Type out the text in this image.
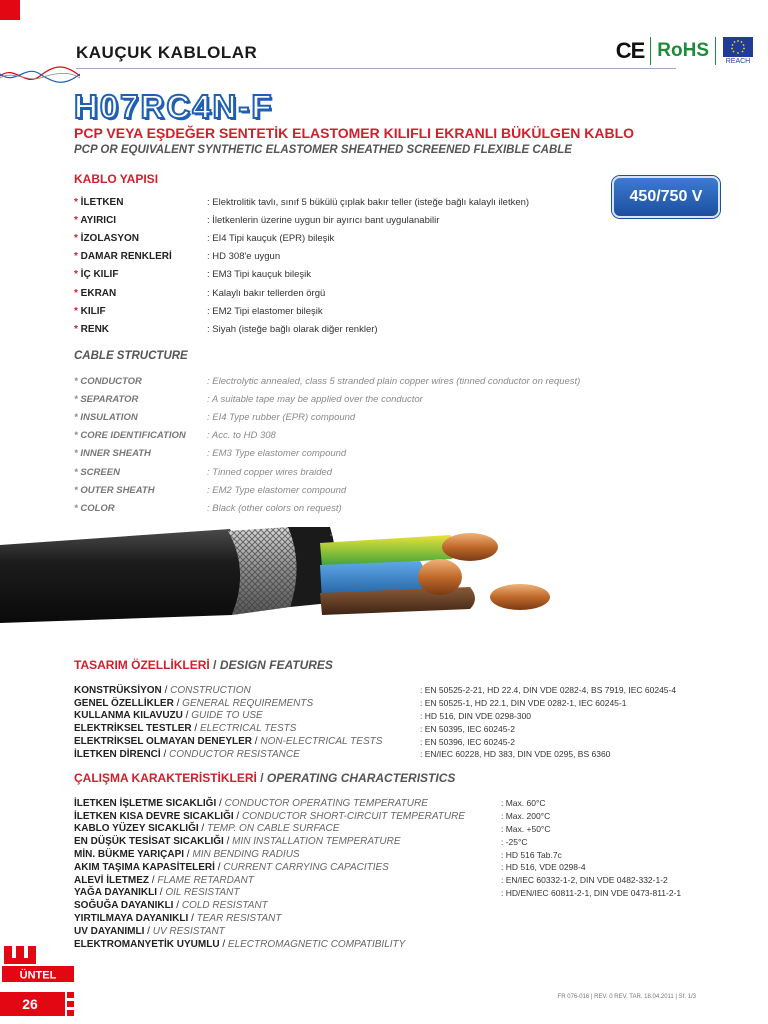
KAUÇUK KABLOLAR	CE RoHS
REACH
H07RC4N-F
PCP VEYA EŞDEĞER SENTETİK ELASTOMER KILIFLI EKRANLI BÜKÜLGEN KABLO
PCP OR EQUIVALENT SYNTHETIC ELASTOMER SHEATHED SCREENED FLEXIBLE CABLE
450/750 V
KABLO YAPISI
* İLETKEN	: Elektrolitik tavlı, sınıf 5 bükülü çıplak bakır teller (isteğe bağlı kalaylı iletken)
* AYIRICI	: İletkenlerin üzerine uygun bir ayırıcı bant uygulanabilir
* İZOLASYON	: EI4 Tipi kauçuk (EPR) bileşik
* DAMAR RENKLERİ	: HD 308'e uygun
* İÇ KILIF	: EM3 Tipi kauçuk bileşik
* EKRAN	: Kalaylı bakır tellerden örgü
* KILIF	: EM2 Tipi elastomer bileşik
* RENK	: Siyah (isteğe bağlı olarak diğer renkler)
CABLE STRUCTURE
* CONDUCTOR	: Electrolytic annealed, class 5 stranded plain copper wires (tinned conductor on request)
* SEPARATOR	: A suitable tape may be applied over the conductor
* INSULATION	: EI4 Type rubber (EPR) compound
* CORE IDENTIFICATION	: Acc. to HD 308
* INNER SHEATH	: EM3 Type elastomer compound
* SCREEN	: Tinned copper wires braided
* OUTER SHEATH	: EM2 Type elastomer compound
* COLOR	: Black (other colors on request)
TASARIM ÖZELLİKLERİ / DESIGN FEATURES
KONSTRÜKSİYON / CONSTRUCTION	: EN 50525-2-21, HD 22.4, DIN VDE 0282-4, BS 7919, IEC 60245-4
GENEL ÖZELLİKLER / GENERAL REQUIREMENTS	: EN 50525-1, HD 22.1, DIN VDE 0282-1, IEC 60245-1
KULLANMA KILAVUZU / GUIDE TO USE	: HD 516, DIN VDE 0298-300
ELEKTRİKSEL TESTLER / ELECTRICAL TESTS	: EN 50395, IEC 60245-2
ELEKTRİKSEL OLMAYAN DENEYLER / NON-ELECTRICAL TESTS	: EN 50396, IEC 60245-2
İLETKEN DİRENCİ / CONDUCTOR RESISTANCE	: EN/IEC 60228, HD 383, DIN VDE 0295, BS 6360
ÇALIŞMA KARAKTERİSTİKLERİ / OPERATING CHARACTERISTICS
İLETKEN İŞLETME SICAKLIĞI / CONDUCTOR OPERATING TEMPERATURE	: Max. 60°C
İLETKEN KISA DEVRE SICAKLIĞI / CONDUCTOR SHORT-CIRCUIT TEMPERATURE	: Max. 200°C
KABLO YÜZEY SICAKLIĞI / TEMP. ON CABLE SURFACE	: Max. +50°C
EN DÜŞÜK TESİSAT SICAKLIĞI / MIN INSTALLATION TEMPERATURE	: -25°C
MİN. BÜKME YARIÇAPI / MIN BENDING RADIUS	: HD 516 Tab.7c
AKIM TAŞIMA KAPASİTELERİ / CURRENT CARRYING CAPACITIES	: HD 516, VDE 0298-4
ALEVİ İLETMEZ / FLAME RETARDANT	: EN/IEC 60332-1-2, DIN VDE 0482-332-1-2
YAĞA DAYANIKLI / OIL RESISTANT	: HD/EN/IEC 60811-2-1, DIN VDE 0473-811-2-1
SOĞUĞA DAYANIKLI / COLD RESISTANT
YIRTILMAYA DAYANIKLI / TEAR RESISTANT
UV DAYANIMLI / UV RESISTANT
ELEKTROMANYETİK UYUMLU / ELECTROMAGNETIC COMPATIBILITY
ÜNTEL
26	FR 076-016 | REV. 0 REV. TAR. 18.04.2011 | Sf. 1/3
